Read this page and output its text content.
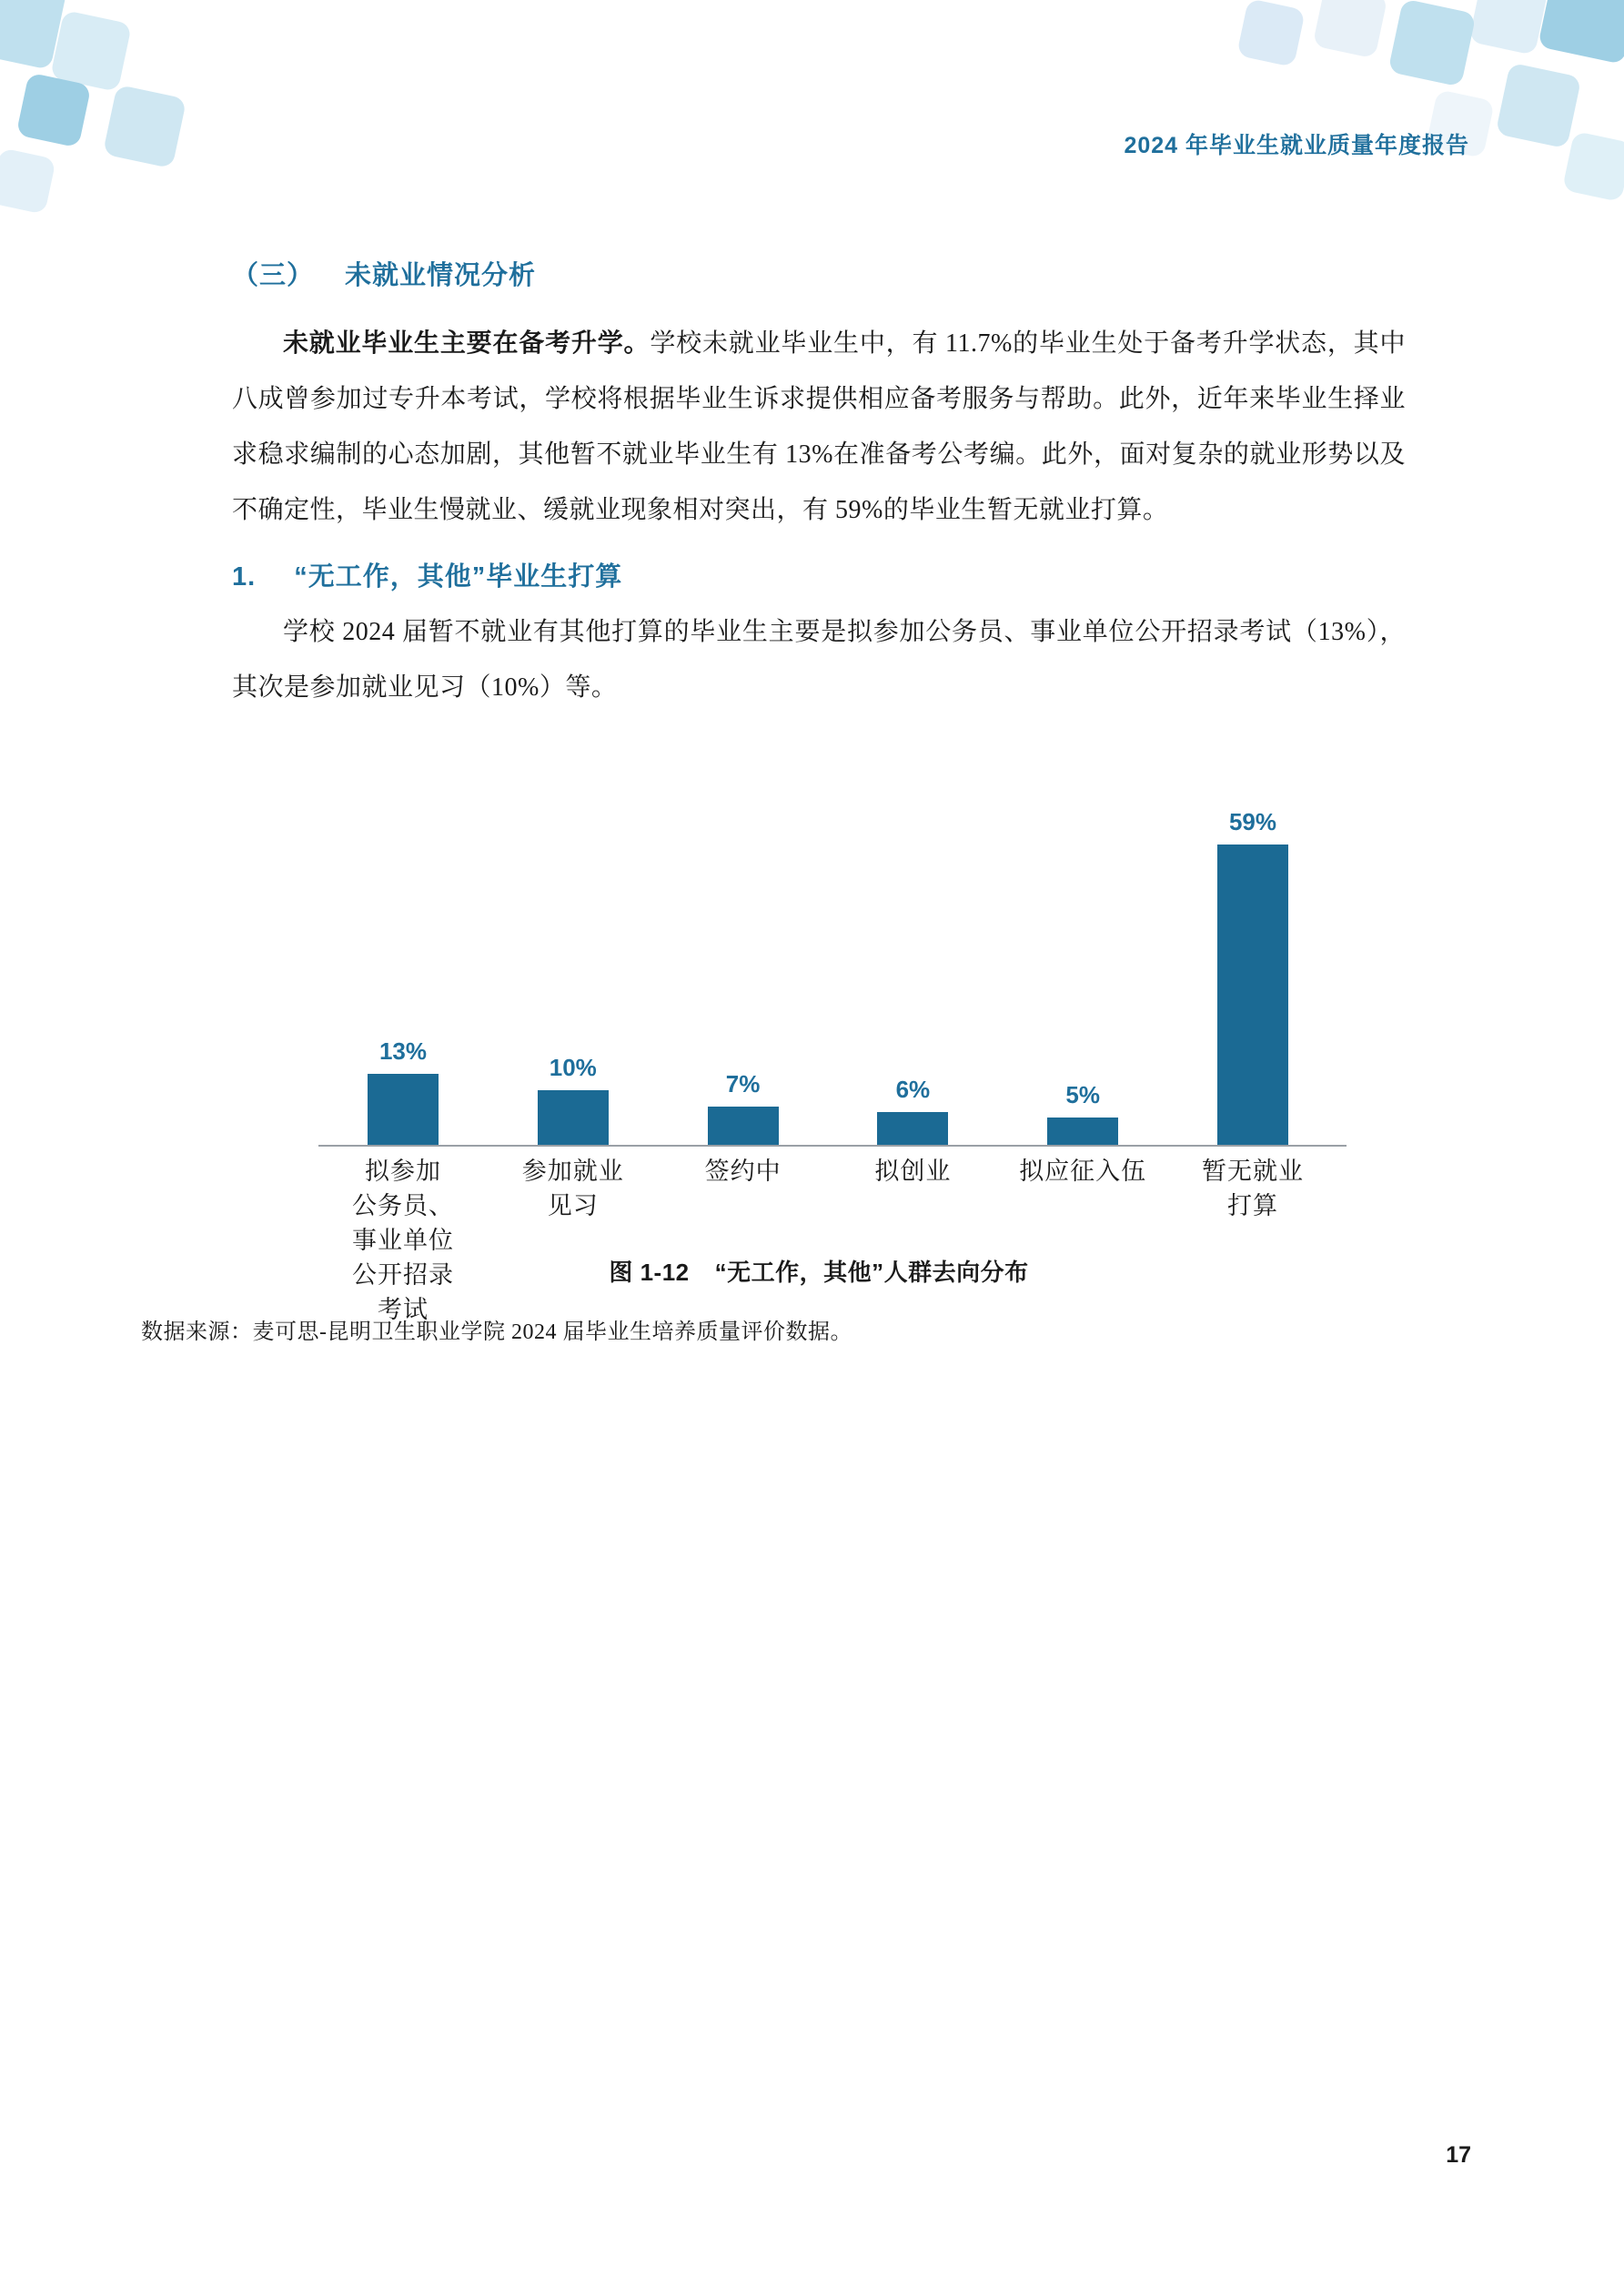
2024 年毕业生就业质量年度报告
（三） 未就业情况分析

未就业毕业生主要在备考升学。学校未就业毕业生中，有 11.7%的毕业生处于备考升学状态，其中八成曾参加过专升本考试，学校将根据毕业生诉求提供相应备考服务与帮助。此外，近年来毕业生择业求稳求编制的心态加剧，其他暂不就业毕业生有 13%在准备考公考编。此外，面对复杂的就业形势以及不确定性，毕业生慢就业、缓就业现象相对突出，有 59%的毕业生暂无就业打算。

1. “无工作，其他”毕业生打算

学校 2024 届暂不就业有其他打算的毕业生主要是拟参加公务员、事业单位公开招录考试（13%），其次是参加就业见习（10%）等。

13%
10%
7%	6%	5%
59%
拟参加
公务员、
事业单位
公开招录
考试
参加就业
见习
签约中	拟创业	拟应征入伍	暂无就业
打算
图 1-12 “无工作，其他”人群去向分布
数据来源：麦可思-昆明卫生职业学院 2024 届毕业生培养质量评价数据。
17
